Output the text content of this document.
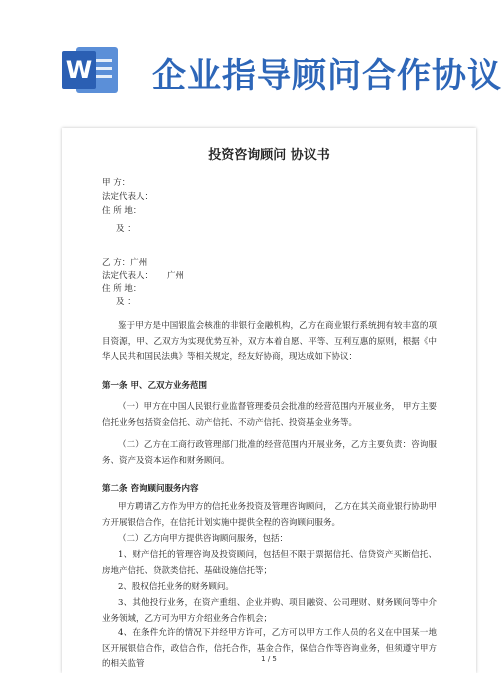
W 企业指导顾问合作协议
投资咨询顾问 协议书
甲 方：
法定代表人：
住 所 地：
及 ：
乙 方：广州
法定代表人： 广州
住 所 地：
及 ：
鉴于甲方是中国银监会核准的非银行金融机构，乙方在商业银行系统拥有较丰富的项目资源，甲、乙双方为实现优势互补，双方本着自愿、平等、互利互惠的原则，根据《中华人民共和国民法典》等相关规定，经友好协商，现达成如下协议：
第一条 甲、乙双方业务范围
（一）甲方在中国人民银行业监督管理委员会批准的经营范围内开展业务， 甲方主要信托业务包括资金信托、动产信托、不动产信托、投资基金业务等。
（二）乙方在工商行政管理部门批准的经营范围内开展业务，乙方主要负责：咨询服务、资产及资本运作和财务顾问。
第二条 咨询顾问服务内容
甲方聘请乙方作为甲方的信托业务投资及管理咨询顾问， 乙方在其关商业银行协助甲方开展银信合作，在信托计划实施中提供全程的咨询顾问服务。
（二）乙方向甲方提供咨询顾问服务，包括：
1、财产信托的管理咨询及投资顾问，包括但不限于票据信托、信贷资产买断信托、房地产信托、贷款类信托、基础设施信托等；
2、股权信托业务的财务顾问。
3、其他投行业务，在资产重组、企业并购、项目融资、公司理财、财务顾问等中介业务领域，乙方可为甲方介绍业务合作机会；
4、在条件允许的情况下并经甲方许可，乙方可以甲方工作人员的名义在中国某一地区开展银信合作，政信合作，信托合作，基金合作，保信合作等咨询业务，但须遵守甲方的相关监管	1 / 5
